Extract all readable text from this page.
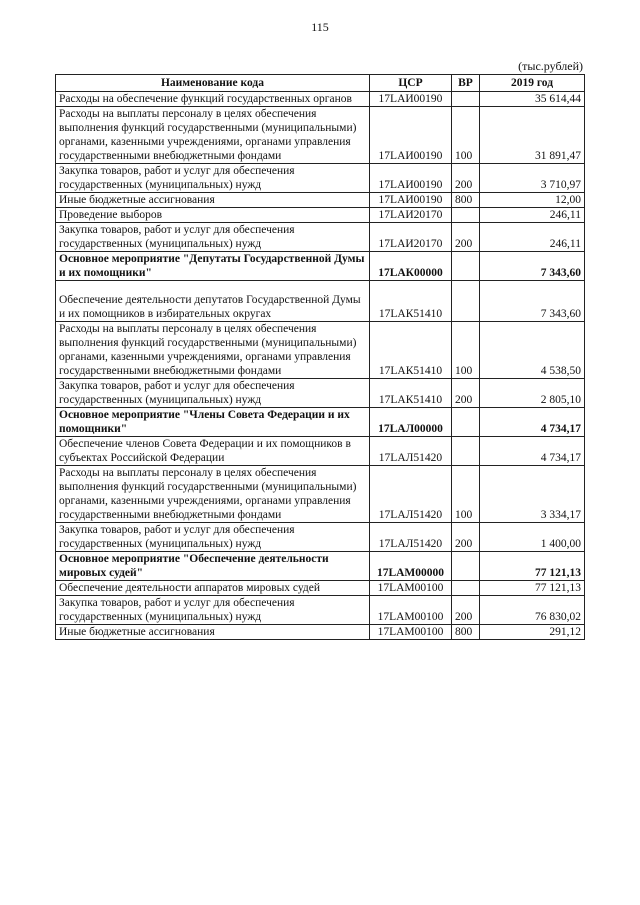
115
(тыс.рублей)
Наименование кода	ЦСР	ВР	2019 год
Расходы на обеспечение функций государственных органов	17LAИ00190		35 614,44
Расходы на выплаты персоналу в целях обеспечения выполнения функций государственными (муниципальными) органами, казенными учреждениями, органами управления государственными внебюджетными фондами	17LAИ00190	100	31 891,47
Закупка товаров, работ и услуг для обеспечения государственных (муниципальных) нужд	17LAИ00190	200	3 710,97
Иные бюджетные ассигнования	17LAИ00190	800	12,00
Проведение выборов	17LAИ20170		246,11
Закупка товаров, работ и услуг для обеспечения государственных (муниципальных) нужд	17LAИ20170	200	246,11
Основное мероприятие "Депутаты Государственной Думы и их помощники"	17LAК00000		7 343,60
Обеспечение деятельности депутатов Государственной Думы и их помощников в избирательных округах	17LAК51410		7 343,60
Расходы на выплаты персоналу в целях обеспечения выполнения функций государственными (муниципальными) органами, казенными учреждениями, органами управления государственными внебюджетными фондами	17LAК51410	100	4 538,50
Закупка товаров, работ и услуг для обеспечения государственных (муниципальных) нужд	17LAК51410	200	2 805,10
Основное мероприятие "Члены Совета Федерации и их помощники"	17LAЛ00000		4 734,17
Обеспечение членов Совета Федерации и их помощников в субъектах Российской Федерации	17LAЛ51420		4 734,17
Расходы на выплаты персоналу в целях обеспечения выполнения функций государственными (муниципальными) органами, казенными учреждениями, органами управления государственными внебюджетными фондами	17LAЛ51420	100	3 334,17
Закупка товаров, работ и услуг для обеспечения государственных (муниципальных) нужд	17LAЛ51420	200	1 400,00
Основное мероприятие "Обеспечение деятельности мировых судей"	17LAM00000		77 121,13
Обеспечение деятельности аппаратов мировых судей	17LAM00100		77 121,13
Закупка товаров, работ и услуг для обеспечения государственных (муниципальных) нужд	17LAM00100	200	76 830,02
Иные бюджетные ассигнования	17LAM00100	800	291,12
